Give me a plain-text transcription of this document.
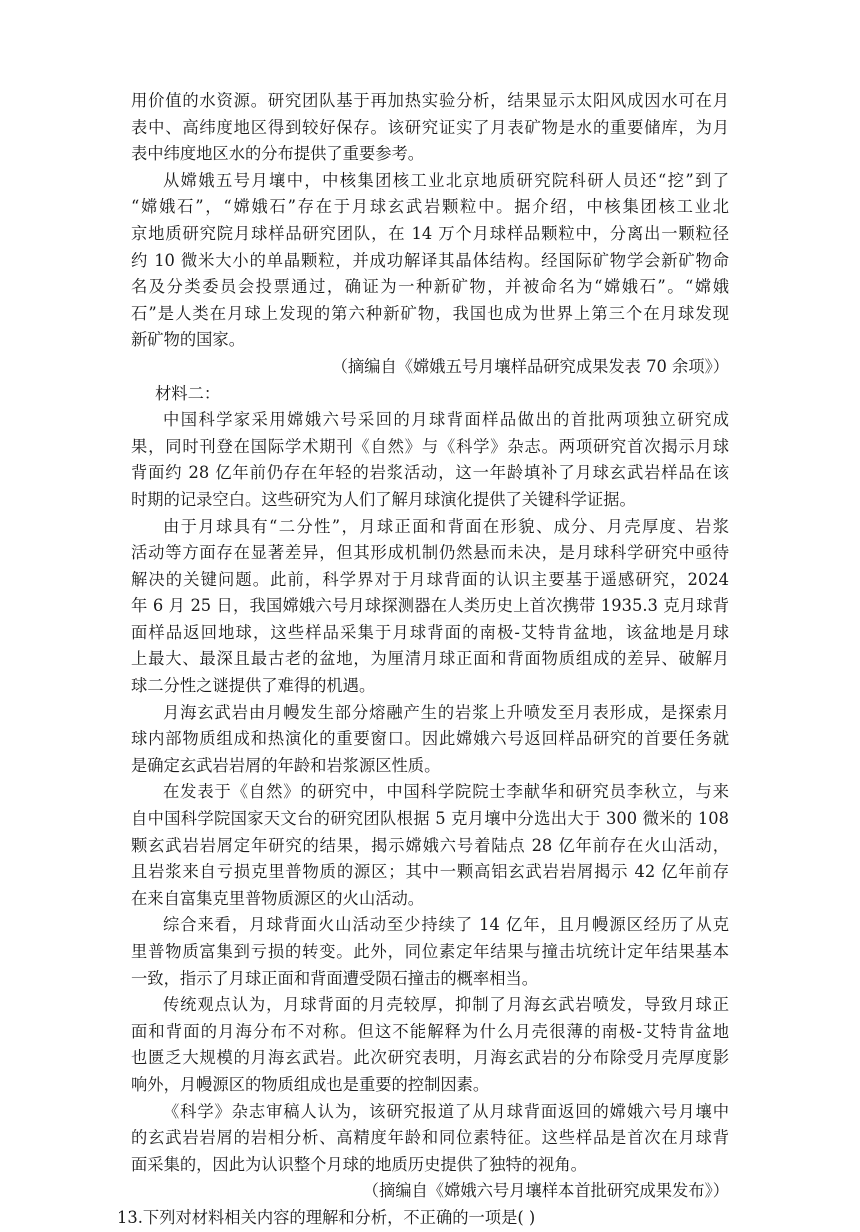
用价值的水资源。研究团队基于再加热实验分析，结果显示太阳风成因水可在月
表中、高纬度地区得到较好保存。该研究证实了月表矿物是水的重要储库，为月
表中纬度地区水的分布提供了重要参考。
从嫦娥五号月壤中，中核集团核工业北京地质研究院科研人员还“挖”到了
“嫦娥石”，“嫦娥石”存在于月球玄武岩颗粒中。据介绍，中核集团核工业北
京地质研究院月球样品研究团队，在 14 万个月球样品颗粒中，分离出一颗粒径
约 10 微米大小的单晶颗粒，并成功解译其晶体结构。经国际矿物学会新矿物命
名及分类委员会投票通过，确证为一种新矿物，并被命名为“嫦娥石”。“嫦娥
石”是人类在月球上发现的第六种新矿物，我国也成为世界上第三个在月球发现
新矿物的国家。
（摘编自《嫦娥五号月壤样品研究成果发表 70 余项》）
材料二：
中国科学家采用嫦娥六号采回的月球背面样品做出的首批两项独立研究成
果，同时刊登在国际学术期刊《自然》与《科学》杂志。两项研究首次揭示月球
背面约 28 亿年前仍存在年轻的岩浆活动，这一年龄填补了月球玄武岩样品在该
时期的记录空白。这些研究为人们了解月球演化提供了关键科学证据。
由于月球具有“二分性”，月球正面和背面在形貌、成分、月壳厚度、岩浆
活动等方面存在显著差异，但其形成机制仍然悬而未决，是月球科学研究中亟待
解决的关键问题。此前，科学界对于月球背面的认识主要基于遥感研究，2024
年 6 月 25 日，我国嫦娥六号月球探测器在人类历史上首次携带 1935.3 克月球背
面样品返回地球，这些样品采集于月球背面的南极-艾特肯盆地，该盆地是月球
上最大、最深且最古老的盆地，为厘清月球正面和背面物质组成的差异、破解月
球二分性之谜提供了难得的机遇。
月海玄武岩由月幔发生部分熔融产生的岩浆上升喷发至月表形成，是探索月
球内部物质组成和热演化的重要窗口。因此嫦娥六号返回样品研究的首要任务就
是确定玄武岩岩屑的年龄和岩浆源区性质。
在发表于《自然》的研究中，中国科学院院士李献华和研究员李秋立，与来
自中国科学院国家天文台的研究团队根据 5 克月壤中分选出大于 300 微米的 108
颗玄武岩岩屑定年研究的结果，揭示嫦娥六号着陆点 28 亿年前存在火山活动，
且岩浆来自亏损克里普物质的源区；其中一颗高铝玄武岩岩屑揭示 42 亿年前存
在来自富集克里普物质源区的火山活动。
综合来看，月球背面火山活动至少持续了 14 亿年，且月幔源区经历了从克
里普物质富集到亏损的转变。此外，同位素定年结果与撞击坑统计定年结果基本
一致，指示了月球正面和背面遭受陨石撞击的概率相当。
传统观点认为，月球背面的月壳较厚，抑制了月海玄武岩喷发，导致月球正
面和背面的月海分布不对称。但这不能解释为什么月壳很薄的南极-艾特肯盆地
也匮乏大规模的月海玄武岩。此次研究表明，月海玄武岩的分布除受月壳厚度影
响外，月幔源区的物质组成也是重要的控制因素。
《科学》杂志审稿人认为，该研究报道了从月球背面返回的嫦娥六号月壤中
的玄武岩岩屑的岩相分析、高精度年龄和同位素特征。这些样品是首次在月球背
面采集的，因此为认识整个月球的地质历史提供了独特的视角。
（摘编自《嫦娥六号月壤样本首批研究成果发布》）
13.下列对材料相关内容的理解和分析，不正确的一项是( )
